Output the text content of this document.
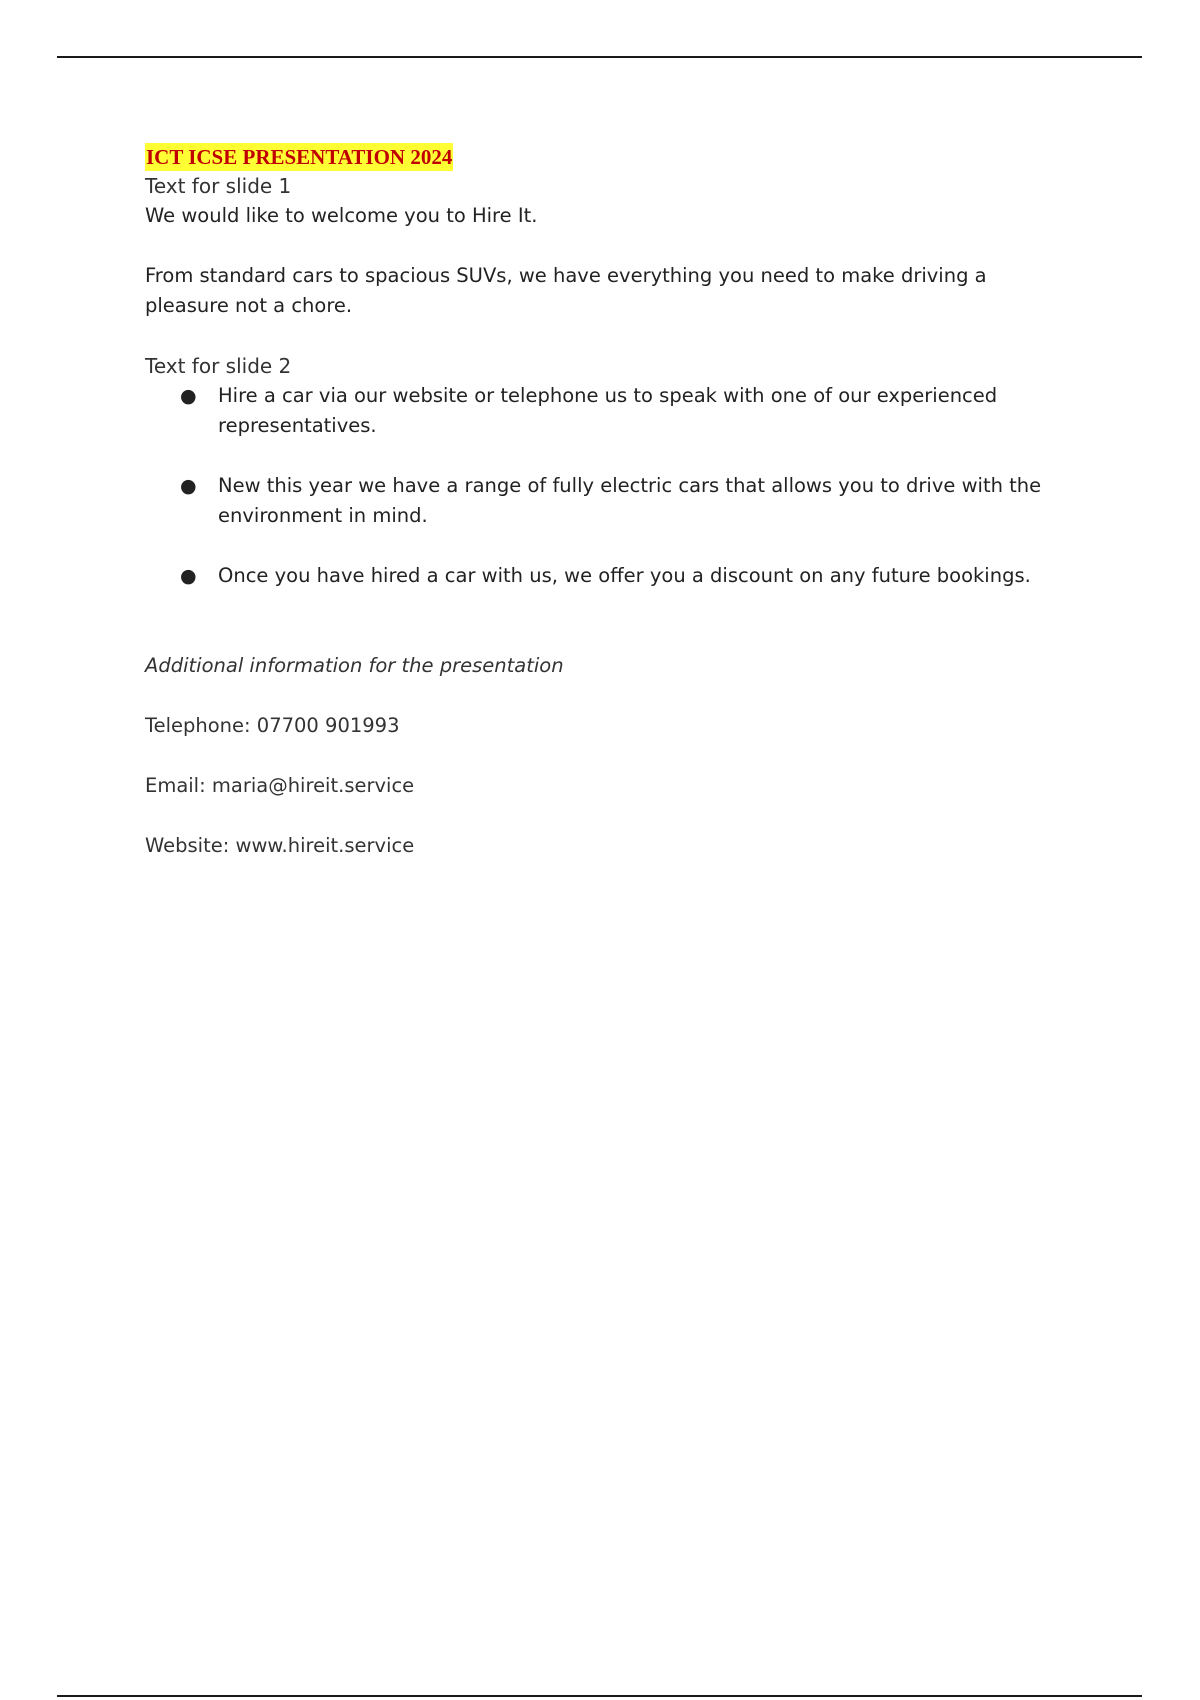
ICT ICSE PRESENTATION 2024

Text for slide 1

We would like to welcome you to Hire It.

From standard cars to spacious SUVs, we have everything you need to make driving a pleasure not a chore.

Text for slide 2

● Hire a car via our website or telephone us to speak with one of our experienced representatives.
● New this year we have a range of fully electric cars that allows you to drive with the environment in mind.
● Once you have hired a car with us, we offer you a discount on any future bookings.

Additional information for the presentation

Telephone: 07700 901993

Email: maria@hireit.service

Website: www.hireit.service
